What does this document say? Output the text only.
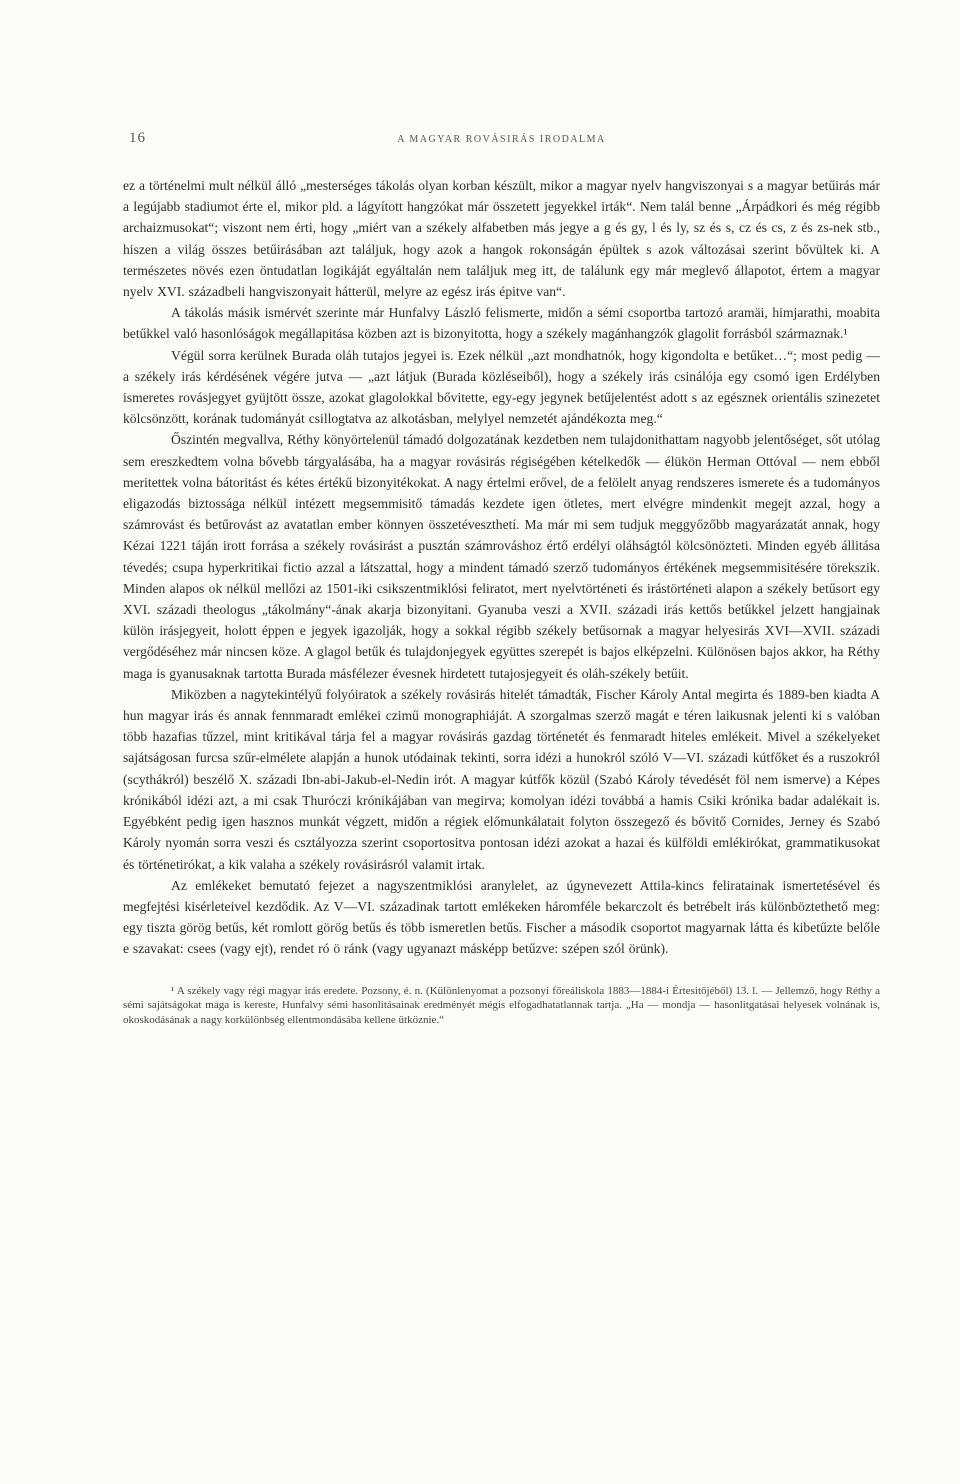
16	A MAGYAR ROVÁSIRÁS IRODALMA

ez a történelmi mult nélkül álló „mesterséges tákolás olyan korban készült, mikor a magyar nyelv hangviszonyai s a magyar betűirás már a legújabb stadiumot érte el, mikor pld. a lágyított hangzókat már összetett jegyekkel irták“. Nem talál benne „Árpádkori és még régibb archaizmusokat“; viszont nem érti, hogy „miért van a székely alfabetben más jegye a g és gy, l és ly, sz és s, cz és cs, z és zs-nek stb., hiszen a világ összes betűirásában azt találjuk, hogy azok a hangok rokonságán épültek s azok változásai szerint bővültek ki. A természetes növés ezen öntudatlan logikáját egyáltalán nem találjuk meg itt, de találunk egy már meglevő állapotot, értem a magyar nyelv XVI. századbeli hangviszonyait hátterül, melyre az egész irás épitve van“.

A tákolás másik ismérvét szerinte már Hunfalvy László felismerte, midőn a sémi csoportba tartozó aramäi, himjarathi, moabita betűkkel való hasonlóságok megállapitása közben azt is bizonyitotta, hogy a székely magánhangzók glagolit forrásból származnak.¹

Végül sorra kerülnek Burada oláh tutajos jegyei is. Ezek nélkül „azt mondhatnók, hogy kigondolta e betűket…“; most pedig — a székely irás kérdésének végére jutva — „azt látjuk (Burada közléseiből), hogy a székely irás csinálója egy csomó igen Erdélyben ismeretes rovásjegyet gyüjtött össze, azokat glagolokkal bővitette, egy-egy jegynek betűjelentést adott s az egésznek orientális szinezetet kölcsönzött, korának tudományát csillogtatva az alkotásban, melylyel nemzetét ajándékozta meg.“

Őszintén megvallva, Réthy könyörtelenül támadó dolgozatának kezdetben nem tulajdonithattam nagyobb jelentőséget, sőt utólag sem ereszkedtem volna bővebb tárgyalásába, ha a magyar rovásirás régiségében kételkedők — élükön Herman Ottóval — nem ebből meritettek volna bátoritást és kétes értékű bizonyitékokat. A nagy értelmi erővel, de a felölelt anyag rendszeres ismerete és a tudományos eligazodás biztossága nélkül intézett megsemmisitő támadás kezdete igen ötletes, mert elvégre mindenkit megejt azzal, hogy a számrovást és betűrovást az avatatlan ember könnyen összetéveszthetí. Ma már mi sem tudjuk meggyőzőbb magyarázatát annak, hogy Kézai 1221 táján irott forrása a székely rovásirást a pusztán számrováshoz értő erdélyi oláhságtól kölcsönözteti. Minden egyéb állitása tévedés; csupa hyperkritikai fictio azzal a látszattal, hogy a mindent támadó szerző tudományos értékének megsemmisitésére törekszik. Minden alapos ok nélkül mellőzi az 1501-iki csikszentmiklósi feliratot, mert nyelvtörténeti és irástörténeti alapon a székely betűsort egy XVI. századi theologus „tákolmány“-ának akarja bizonyitani. Gyanuba veszi a XVII. századi irás kettős betűkkel jelzett hangjainak külön irásjegyeit, holott éppen e jegyek igazolják, hogy a sokkal régibb székely betűsornak a magyar helyesirás XVI—XVII. századi vergődéséhez már nincsen köze. A glagol betűk és tulajdonjegyek együttes szerepét is bajos elképzelni. Különösen bajos akkor, ha Réthy maga is gyanusaknak tartotta Burada másfélezer évesnek hirdetett tutajosjegyeit és oláh-székely betűit.

Miközben a nagytekintélyű folyóiratok a székely rovásirás hitelét támadták, Fischer Károly Antal megirta és 1889-ben kiadta A hun magyar irás és annak fennmaradt emlékei czimű monographiáját. A szorgalmas szerző magát e téren laikusnak jelenti ki s valóban több hazafias tűzzel, mint kritikával tárja fel a magyar rovásirás gazdag történetét és fenmaradt hiteles emlékeit. Mivel a székelyeket sajátságosan furcsa szűr-elmélete alapján a hunok utódainak tekinti, sorra idézi a hunokról szóló V—VI. századi kútfőket és a ruszokról (scythákról) beszélő X. századi Ibn-abi-Jakub-el-Nedin irót. A magyar kútfők közül (Szabó Károly tévedését föl nem ismerve) a Képes krónikából idézi azt, a mi csak Thuróczi krónikájában van megirva; komolyan idézi továbbá a hamis Csiki krónika badar adalékait is. Egyébként pedig igen hasznos munkát végzett, midőn a régiek előmunkálatait folyton összegező és bővitő Cornides, Jerney és Szabó Károly nyomán sorra veszi és csztályozza szerint csoportositva pontosan idézi azokat a hazai és külföldi emlékirókat, grammatikusokat és történetirókat, a kik valaha a székely rovásirásról valamit irtak.

Az emlékeket bemutató fejezet a nagyszentmiklósi aranylelet, az úgynevezett Attila-kincs feliratainak ismertetésével és megfejtési kisérleteivel kezdődik. Az V—VI. századinak tartott emlékeken háromféle bekarczolt és betrébelt irás különböztethető meg: egy tiszta görög betűs, két romlott görög betűs és több ismeretlen betűs. Fischer a második csoportot magyarnak látta és kibetűzte belőle e szavakat: csees (vagy ejt), rendet ró ö ránk (vagy ugyanazt másképp betűzve: szépen szól örünk).

¹ A székely vagy régi magyar irás eredete. Pozsony, é. n. (Különlenyomat a pozsonyi főreáliskola 1883—1884-i Értesitőjéből) 13. l. — Jellemző, hogy Réthy a sémi sajátságokat maga is kereste, Hunfalvy sémi hasonlitásainak eredményét mégis elfogadhatatlannak tartja. „Ha — mondja — hasonlitgatásai helyesek volnának is, okoskodásának a nagy korkülönbség ellentmondásába kellene ütköznie.“
